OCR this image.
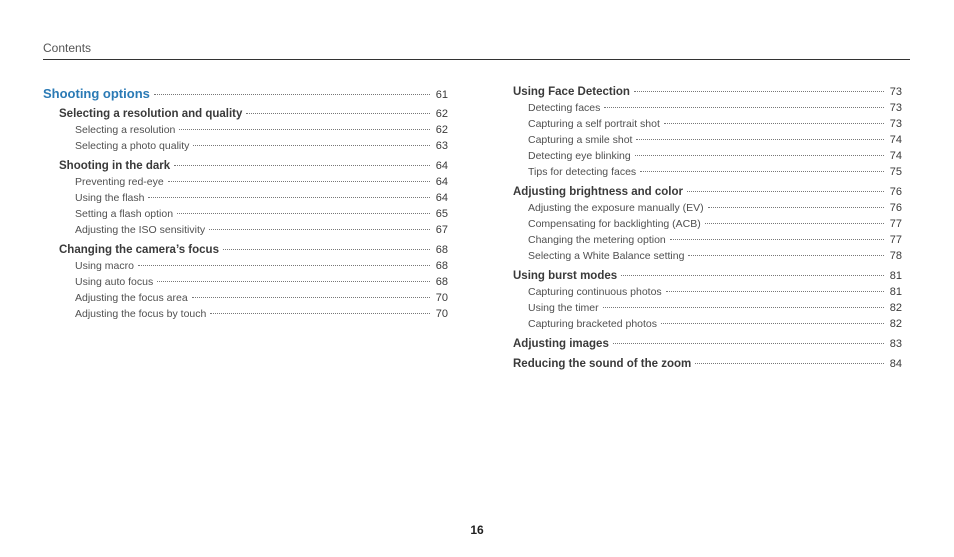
Contents
Shooting options	61
Selecting a resolution and quality	62
Selecting a resolution	62
Selecting a photo quality	63
Shooting in the dark	64
Preventing red-eye	64
Using the flash	64
Setting a flash option	65
Adjusting the ISO sensitivity	67
Changing the camera’s focus	68
Using macro	68
Using auto focus	68
Adjusting the focus area	70
Adjusting the focus by touch	70
Using Face Detection	73
Detecting faces	73
Capturing a self portrait shot	73
Capturing a smile shot	74
Detecting eye blinking	74
Tips for detecting faces	75
Adjusting brightness and color	76
Adjusting the exposure manually (EV)	76
Compensating for backlighting (ACB)	77
Changing the metering option	77
Selecting a White Balance setting	78
Using burst modes	81
Capturing continuous photos	81
Using the timer	82
Capturing bracketed photos	82
Adjusting images	83
Reducing the sound of the zoom	84
16
